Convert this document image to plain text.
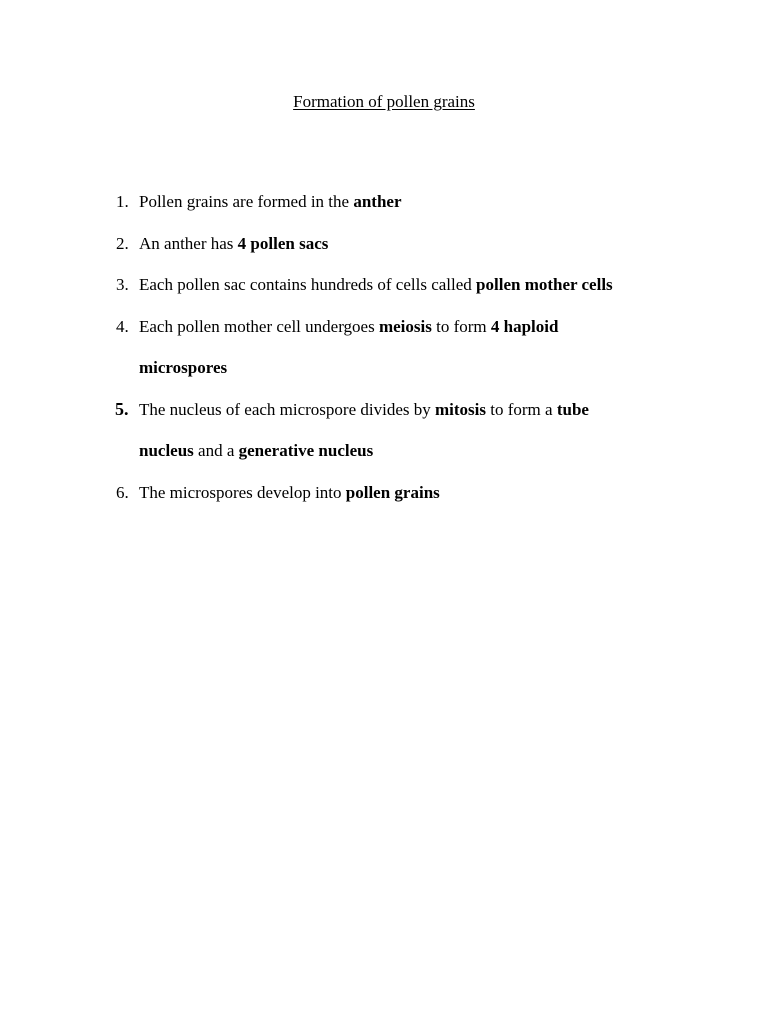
Formation of pollen grains
1. Pollen grains are formed in the anther
2. An anther has 4 pollen sacs
3. Each pollen sac contains hundreds of cells called pollen mother cells
4. Each pollen mother cell undergoes meiosis to form 4 haploid
microspores
5. The nucleus of each microspore divides by mitosis to form a tube
nucleus and a generative nucleus
6. The microspores develop into pollen grains
